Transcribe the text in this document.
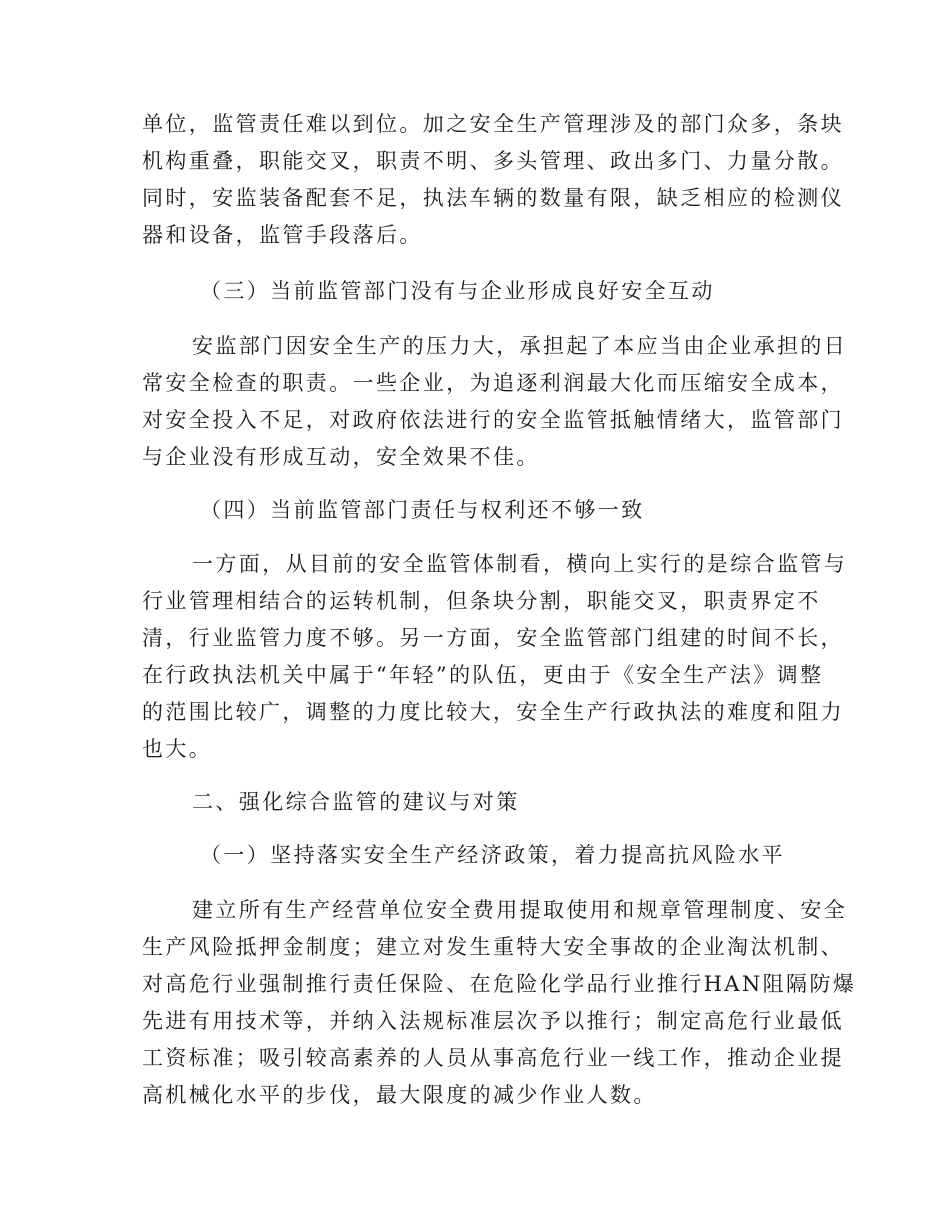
单位，监管责任难以到位。加之安全生产管理涉及的部门众多，条块
机构重叠，职能交叉，职责不明、多头管理、政出多门、力量分散。
同时，安监装备配套不足，执法车辆的数量有限，缺乏相应的检测仪
器和设备，监管手段落后。
（三）当前监管部门没有与企业形成良好安全互动
安监部门因安全生产的压力大，承担起了本应当由企业承担的日
常安全检查的职责。一些企业，为追逐利润最大化而压缩安全成本，
对安全投入不足，对政府依法进行的安全监管抵触情绪大，监管部门
与企业没有形成互动，安全效果不佳。
（四）当前监管部门责任与权利还不够一致
一方面，从目前的安全监管体制看，横向上实行的是综合监管与
行业管理相结合的运转机制，但条块分割，职能交叉，职责界定不
清，行业监管力度不够。另一方面，安全监管部门组建的时间不长，
在行政执法机关中属于“年轻”的队伍，更由于《安全生产法》调整
的范围比较广，调整的力度比较大，安全生产行政执法的难度和阻力
也大。
二、强化综合监管的建议与对策
（一）坚持落实安全生产经济政策，着力提高抗风险水平
建立所有生产经营单位安全费用提取使用和规章管理制度、安全
生产风险抵押金制度；建立对发生重特大安全事故的企业淘汰机制、
对高危行业强制推行责任保险、在危险化学品行业推行HAN阻隔防爆
先进有用技术等，并纳入法规标准层次予以推行；制定高危行业最低
工资标准；吸引较高素养的人员从事高危行业一线工作，推动企业提
高机械化水平的步伐，最大限度的减少作业人数。
